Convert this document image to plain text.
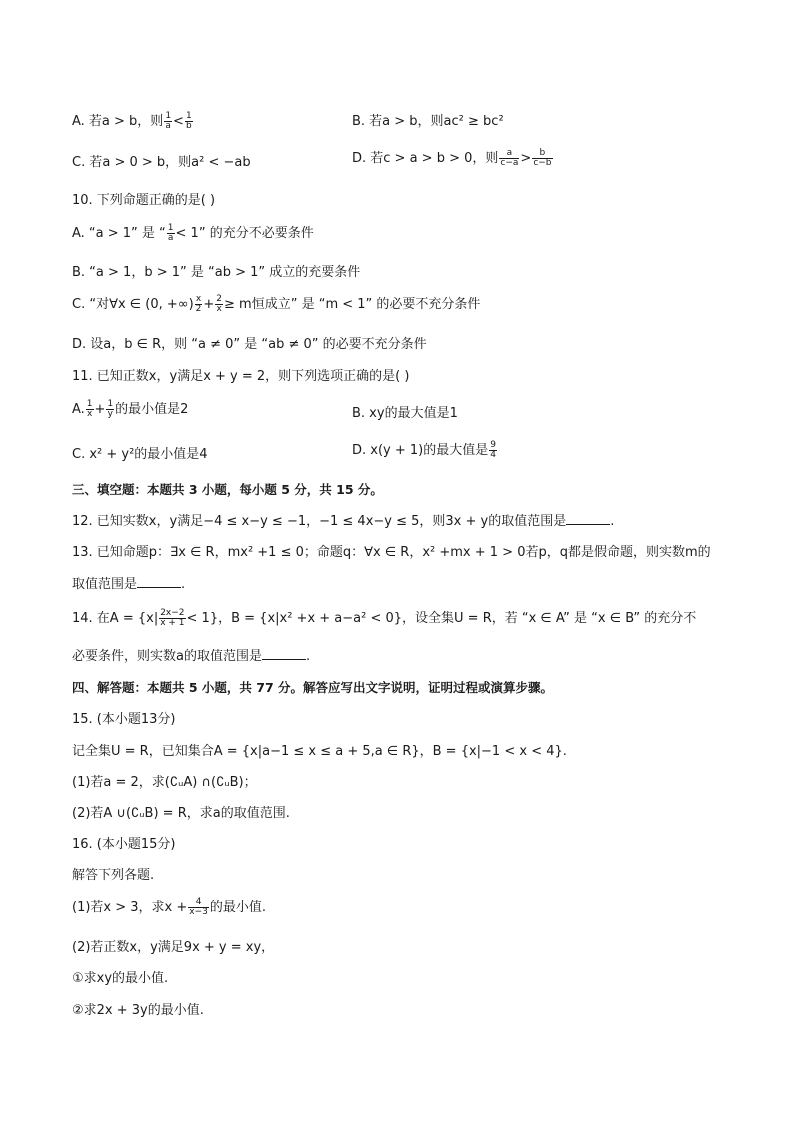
A. 若a > b，则 $\frac{1}{a} < \frac{1}{b}$	B. 若a > b，则ac² ≥ bc²
C. 若a > 0 > b，则a² < −ab	D. 若c > a > b > 0，则 $\frac{a}{c-a} > \frac{b}{c-b}$
10. 下列命题正确的是( )
A. “a > 1” 是 “ $\frac{1}{a} < 1$” 的充分不必要条件
B. “a > 1，b > 1” 是 “ab > 1” 成立的充要条件
C. “对∀x ∈ (0, +∞) $\frac{x}{2} + \frac{2}{x} \ge m$恒成立” 是 “m < 1” 的必要不充分条件
D. 设a，b ∈ R，则 “a ≠ 0” 是 “ab ≠ 0” 的必要不充分条件
11. 已知正数x，y满足x + y = 2，则下列选项正确的是( )
A. $\frac{1}{x} + \frac{1}{y}$ 的最小值是2	B. xy的最大值是1
C. x² + y²的最小值是4	D. x(y + 1)的最大值是 $\frac{9}{4}$
三、填空题：本题共 3 小题，每小题 5 分，共 15 分。
12. 已知实数x，y满足−4 ≤ x−y ≤ −1，−1 ≤ 4x−y ≤ 5，则3x + y的取值范围是	.
13. 已知命题p：∃x ∈ R，mx² +1 ≤ 0；命题q：∀x ∈ R，x² +mx + 1 > 0若p，q都是假命题，则实数m的
取值范围是	.
14. 在$A = \{x| \frac{2x-2}{x + 1} < 1\}$，B = {x|x² +x + a−a² < 0}，设全集U = R，若 “x ∈ A” 是 “x ∈ B” 的充分不
必要条件，则实数a的取值范围是	.
四、解答题：本题共 5 小题，共 77 分。解答应写出文字说明，证明过程或演算步骤。
15. (本小题13分)
记全集U = R，已知集合A = {x|a−1 ≤ x ≤ a + 5,a ∈ R}，B = {x|−1 < x < 4}.
(1)若a = 2，求(∁ᵤA) ∩(∁ᵤB)；
(2)若A ∪(∁ᵤB) = R，求a的取值范围.
16. (本小题15分)
解答下列各题.
(1)若x > 3，求$x + \frac{4}{x-3}$ 的最小值.
(2)若正数x，y满足9x + y = xy，
①求xy的最小值.
②求2x + 3y的最小值.
